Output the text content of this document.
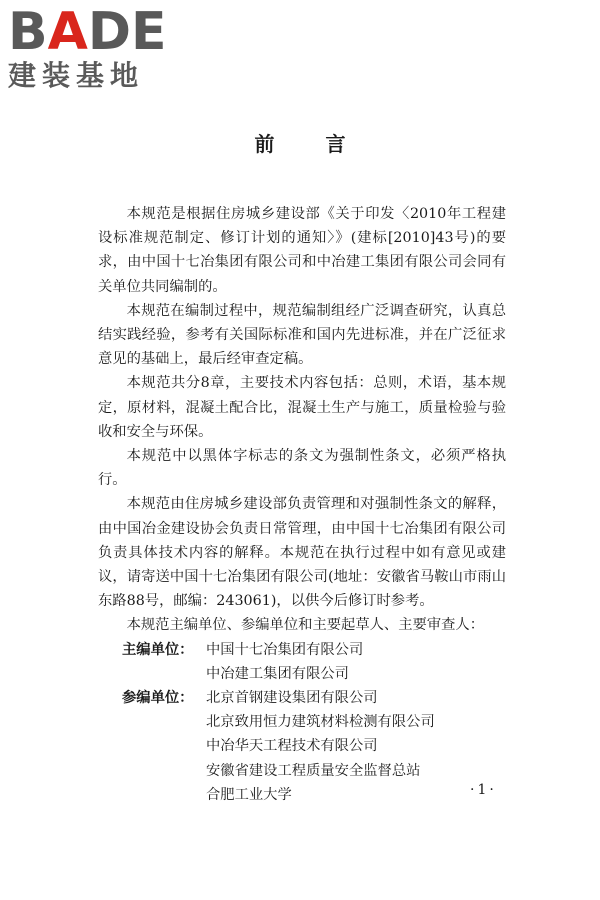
BADE
建装基地
前 言

本规范是根据住房城乡建设部《关于印发〈2010年工程建设标准规范制定、修订计划的通知〉》(建标[2010]43号)的要求，由中国十七冶集团有限公司和中冶建工集团有限公司会同有关单位共同编制的。

本规范在编制过程中，规范编制组经广泛调查研究，认真总结实践经验，参考有关国际标准和国内先进标准，并在广泛征求意见的基础上，最后经审查定稿。

本规范共分8章，主要技术内容包括：总则，术语，基本规定，原材料，混凝土配合比，混凝土生产与施工，质量检验与验收和安全与环保。

本规范中以黑体字标志的条文为强制性条文，必须严格执行。

本规范由住房城乡建设部负责管理和对强制性条文的解释，由中国冶金建设协会负责日常管理，由中国十七冶集团有限公司负责具体技术内容的解释。本规范在执行过程中如有意见或建议，请寄送中国十七冶集团有限公司(地址：安徽省马鞍山市雨山东路88号，邮编：243061)，以供今后修订时参考。

本规范主编单位、参编单位和主要起草人、主要审查人：

主编单位： 中国十七冶集团有限公司
中冶建工集团有限公司
参编单位： 北京首钢建设集团有限公司
北京致用恒力建筑材料检测有限公司
中冶华天工程技术有限公司
安徽省建设工程质量安全监督总站
合肥工业大学	·1·
